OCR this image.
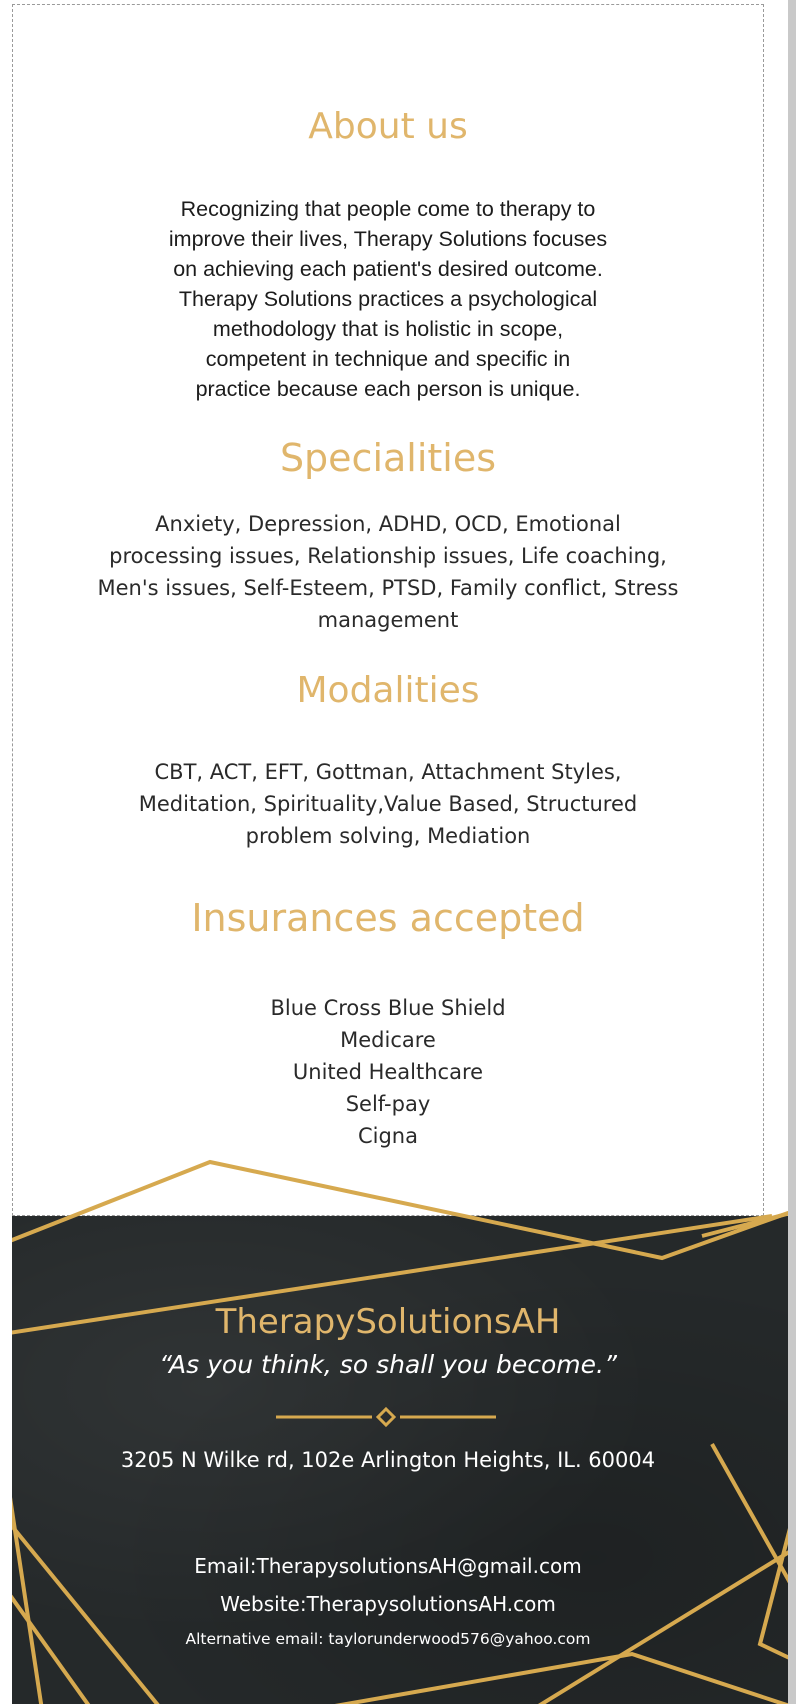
About us

Recognizing that people come to therapy to
improve their lives, Therapy Solutions focuses
on achieving each patient's desired outcome.
Therapy Solutions practices a psychological
methodology that is holistic in scope,
competent in technique and specific in
practice because each person is unique.

Specialities

Anxiety, Depression, ADHD, OCD, Emotional
processing issues, Relationship issues, Life coaching,
Men's issues, Self-Esteem, PTSD, Family conflict, Stress
management

Modalities

CBT, ACT, EFT, Gottman, Attachment Styles,
Meditation, Spirituality,Value Based, Structured
problem solving, Mediation

Insurances accepted

Blue Cross Blue Shield
Medicare
United Healthcare
Self-pay
Cigna

TherapySolutionsAH
“As you think, so shall you become.”
3205 N Wilke rd, 102e Arlington Heights, IL. 60004
Email:TherapysolutionsAH@gmail.com
Website:TherapysolutionsAH.com
Alternative email: taylorunderwood576@yahoo.com
